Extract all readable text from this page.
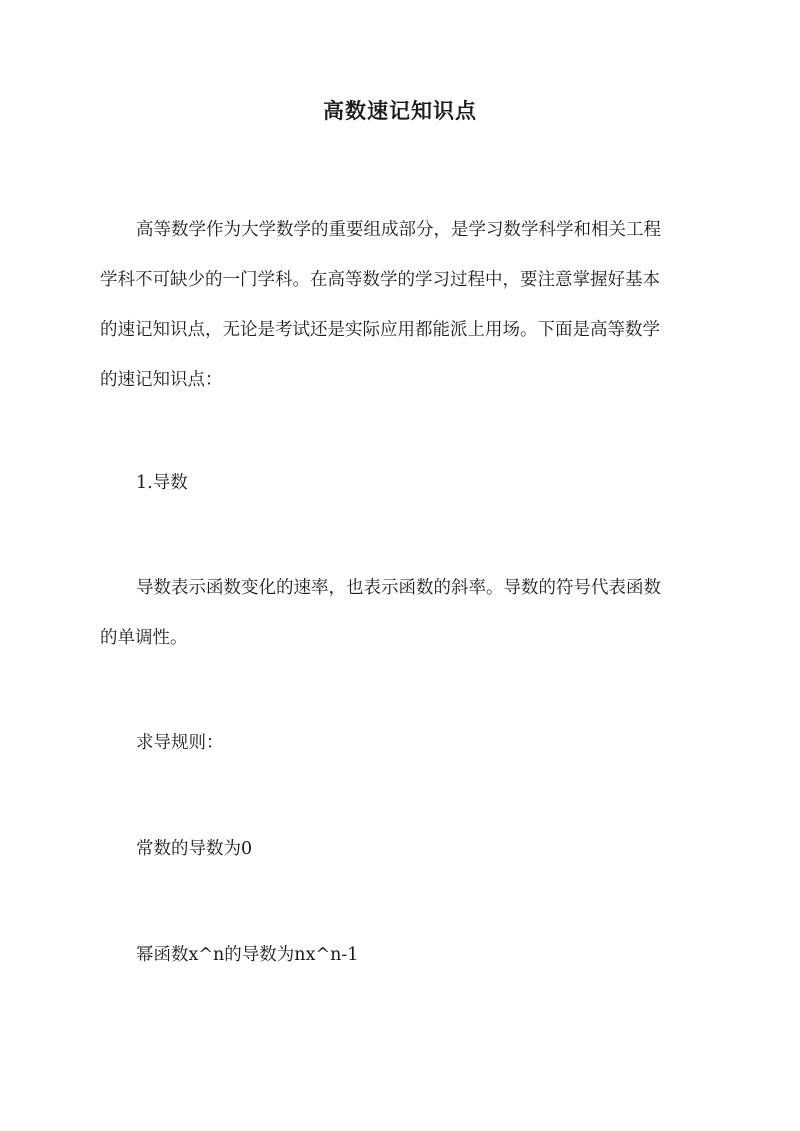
高数速记知识点
高等数学作为大学数学的重要组成部分，是学习数学科学和相关工程
学科不可缺少的一门学科。在高等数学的学习过程中，要注意掌握好基本
的速记知识点，无论是考试还是实际应用都能派上用场。下面是高等数学
的速记知识点：
1.导数
导数表示函数变化的速率，也表示函数的斜率。导数的符号代表函数
的单调性。
求导规则：
常数的导数为0
幂函数x^n的导数为nx^n-1
